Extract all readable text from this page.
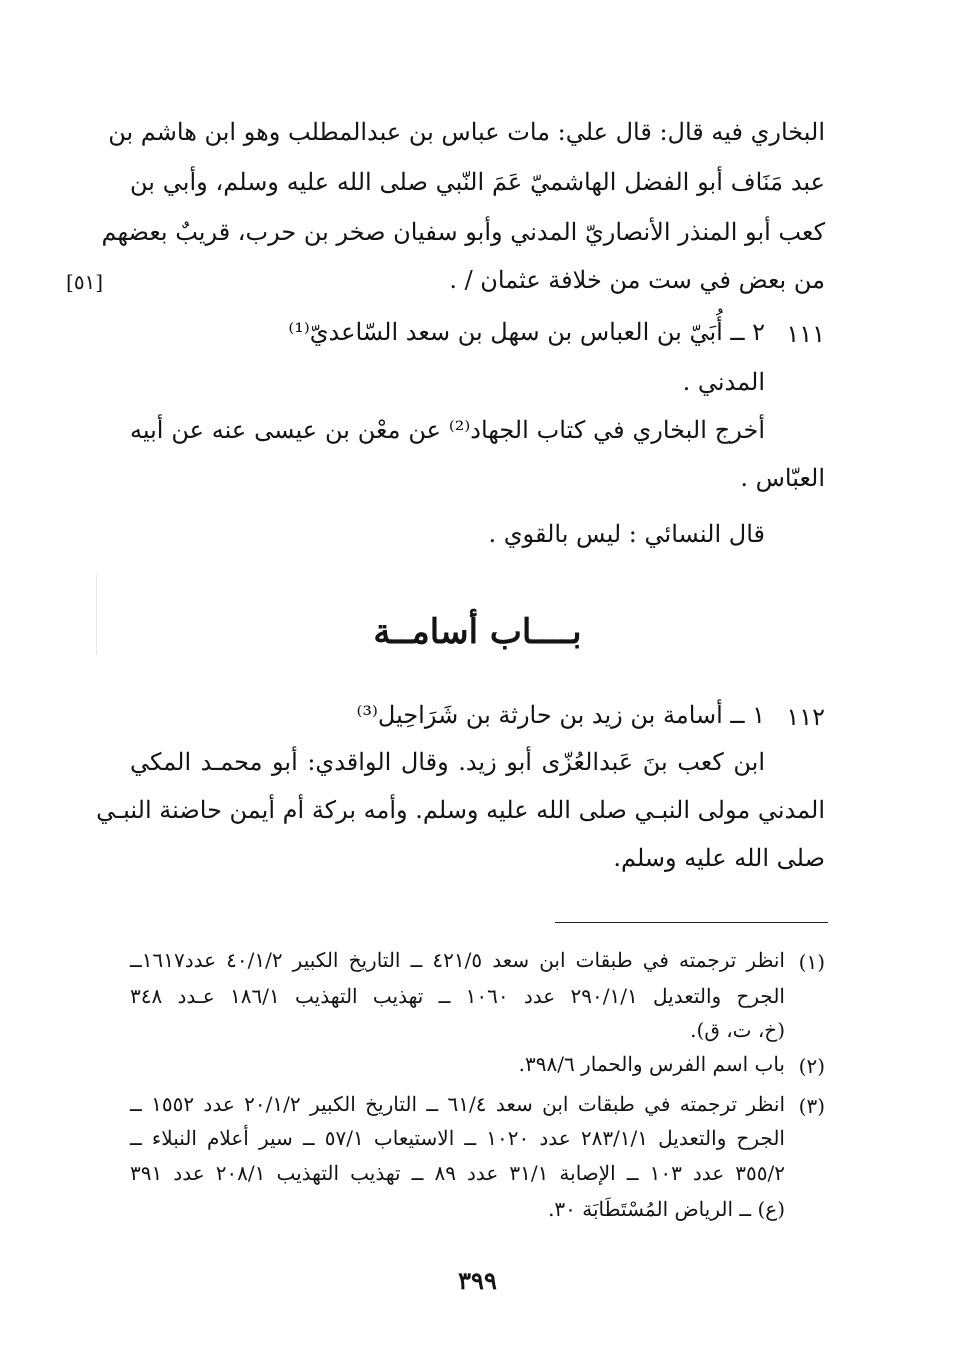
البخاري فيه قال: قال علي: مات عباس بن عبدالمطلب وهو ابن هاشم بن
عبد مَنَاف أبو الفضل الهاشميّ عَمَ النّبي صلى الله عليه وسلم، وأبي بن
كعب أبو المنذر الأنصاريّ المدني وأبو سفيان صخر بن حرب، قريبٌ بعضهم
من بعض في ست من خلافة عثمان / .
[٥١]
١١١
٢ ــ أُبَيّ بن العباس بن سهل بن سعد السّاعديّ⁽¹⁾
المدني .
أخرج البخاري في كتاب الجهاد⁽²⁾ عن معْن بن عيسى عنه عن أبيه
العبّاس .
قال النسائي : ليس بالقوي .
بــــاب أسامــة
١١٢
١ ــ أسامة بن زيد بن حارثة بن شَرَاحِيل⁽³⁾
ابن كعب بنَ عَبدالعُزّى أبو زيد. وقال الواقدي: أبو محمـد المكي
المدني مولى النبـي صلى الله عليه وسلم. وأمه بركة أم أيمن حاضنة النبـي
صلى الله عليه وسلم.
(١)
انظر ترجمته في طبقات ابن سعد ٤٢١/٥ ــ التاريخ الكبير ٤٠/١/٢ عدد١٦١٧ــ
الجرح والتعديل ٢٩٠/١/١ عدد ١٠٦٠ ــ تهذيب التهذيب ١٨٦/١ عـدد ٣٤٨
(خ، ت، ق).
(٢)
باب اسم الفرس والحمار ٣٩٨/٦.
(٣)
انظر ترجمته في طبقات ابن سعد ٦١/٤ ــ التاريخ الكبير ٢٠/١/٢ عدد ١٥٥٢ ــ
الجرح والتعديل ٢٨٣/١/١ عدد ١٠٢٠ ــ الاستيعاب ٥٧/١ ــ سير أعلام النبلاء ــ
٣٥٥/٢ عدد ١٠٣ ــ الإصابة ٣١/١ عدد ٨٩ ــ تهذيب التهذيب ٢٠٨/١ عدد ٣٩١
(ع) ــ الرياض المُسْتَطَابَة ٣٠.
٣٩٩
